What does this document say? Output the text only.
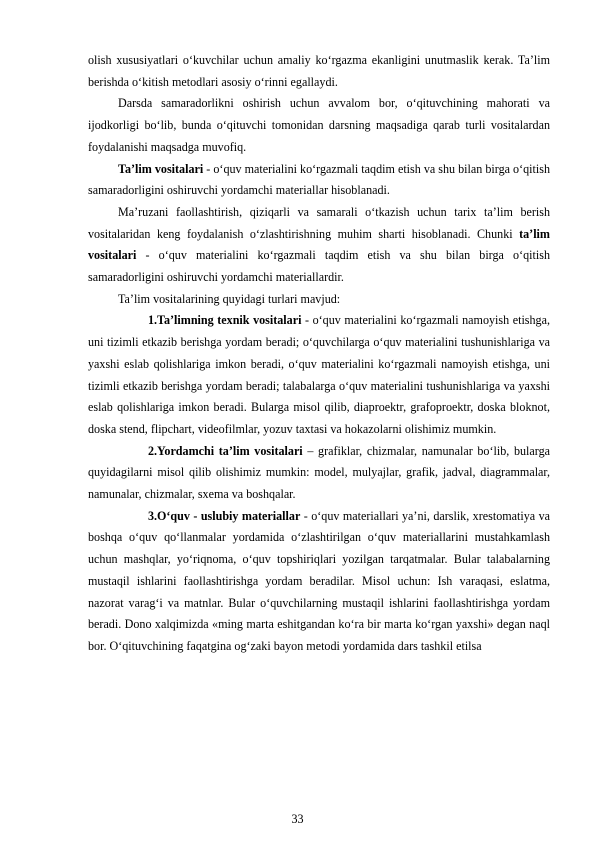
olish xususiyatlari o‘kuvchilar uchun amaliy ko‘rgazma ekanligini unutmaslik kerak. Ta’lim berishda o‘kitish metodlari asosiy o‘rinni egallaydi.

Darsda samaradorlikni oshirish uchun avvalom bor, o‘qituvchining mahorati va ijodkorligi bo‘lib, bunda o‘qituvchi tomonidan darsning maqsadiga qarab turli vositalardan foydalanishi maqsadga muvofiq.

Ta’lim vositalari - o‘quv materialini ko‘rgazmali taqdim etish va shu bilan birga o‘qitish samaradorligini oshiruvchi yordamchi materiallar hisoblanadi.

Ma’ruzani faollashtirish, qiziqarli va samarali o‘tkazish uchun tarix ta’lim berish vositalaridan keng foydalanish o‘zlashtirishning muhim sharti hisoblanadi. Chunki ta’lim vositalari - o‘quv materialini ko‘rgazmali taqdim etish va shu bilan birga o‘qitish samaradorligini oshiruvchi yordamchi materiallardir.

Ta’lim vositalarining quyidagi turlari mavjud:

1.Ta’limning texnik vositalari - o‘quv materialini ko‘rgazmali namoyish etishga, uni tizimli etkazib berishga yordam beradi; o‘quvchilarga o‘quv materialini tushunishlariga va yaxshi eslab qolishlariga imkon beradi, o‘quv materialini ko‘rgazmali namoyish etishga, uni tizimli etkazib berishga yordam beradi; talabalarga o‘quv materialini tushunishlariga va yaxshi eslab qolishlariga imkon beradi. Bularga misol qilib, diaproektr, grafoproektr, doska bloknot, doska stend, flipchart, videofilmlar, yozuv taxtasi va hokazolarni olishimiz mumkin.

2.Yordamchi ta’lim vositalari – grafiklar, chizmalar, namunalar bo‘lib, bularga quyidagilarni misol qilib olishimiz mumkin: model, mulyajlar, grafik, jadval, diagrammalar, namunalar, chizmalar, sxema va boshqalar.

3.O‘quv - uslubiy materiallar - o‘quv materiallari ya’ni, darslik, xrestomatiya va boshqa o‘quv qo‘llanmalar yordamida o‘zlashtirilgan o‘quv materiallarini mustahkamlash uchun mashqlar, yo‘riqnoma, o‘quv topshiriqlari yozilgan tarqatmalar. Bular talabalarning mustaqil ishlarini faollashtirishga yordam beradilar. Misol uchun: Ish varaqasi, eslatma, nazorat varag‘i va matnlar. Bular o‘quvchilarning mustaqil ishlarini faollashtirishga yordam beradi. Dono xalqimizda «ming marta eshitgandan ko‘ra bir marta ko‘rgan yaxshi» degan naql bor. O‘qituvchining faqatgina og‘zaki bayon metodi yordamida dars tashkil etilsa

33
